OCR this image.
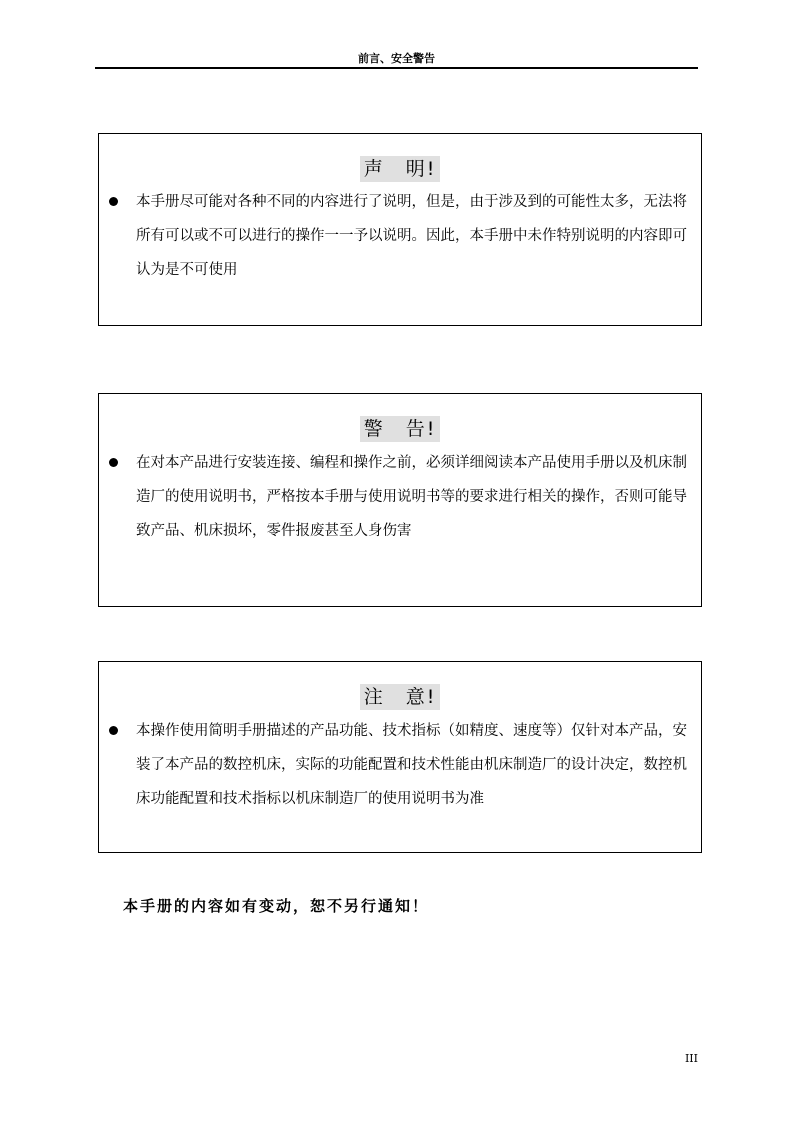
前言、安全警告
声　明!

本手册尽可能对各种不同的内容进行了说明，但是，由于涉及到的可能性太多，无法将所有可以或不可以进行的操作一一予以说明。因此，本手册中未作特别说明的内容即可认为是不可使用

警　告!

在对本产品进行安装连接、编程和操作之前，必须详细阅读本产品使用手册以及机床制造厂的使用说明书，严格按本手册与使用说明书等的要求进行相关的操作，否则可能导致产品、机床损坏，零件报废甚至人身伤害

注　意!

本操作使用简明手册描述的产品功能、技术指标（如精度、速度等）仅针对本产品，安装了本产品的数控机床，实际的功能配置和技术性能由机床制造厂的设计决定，数控机床功能配置和技术指标以机床制造厂的使用说明书为准

本手册的内容如有变动，恕不另行通知！
III
